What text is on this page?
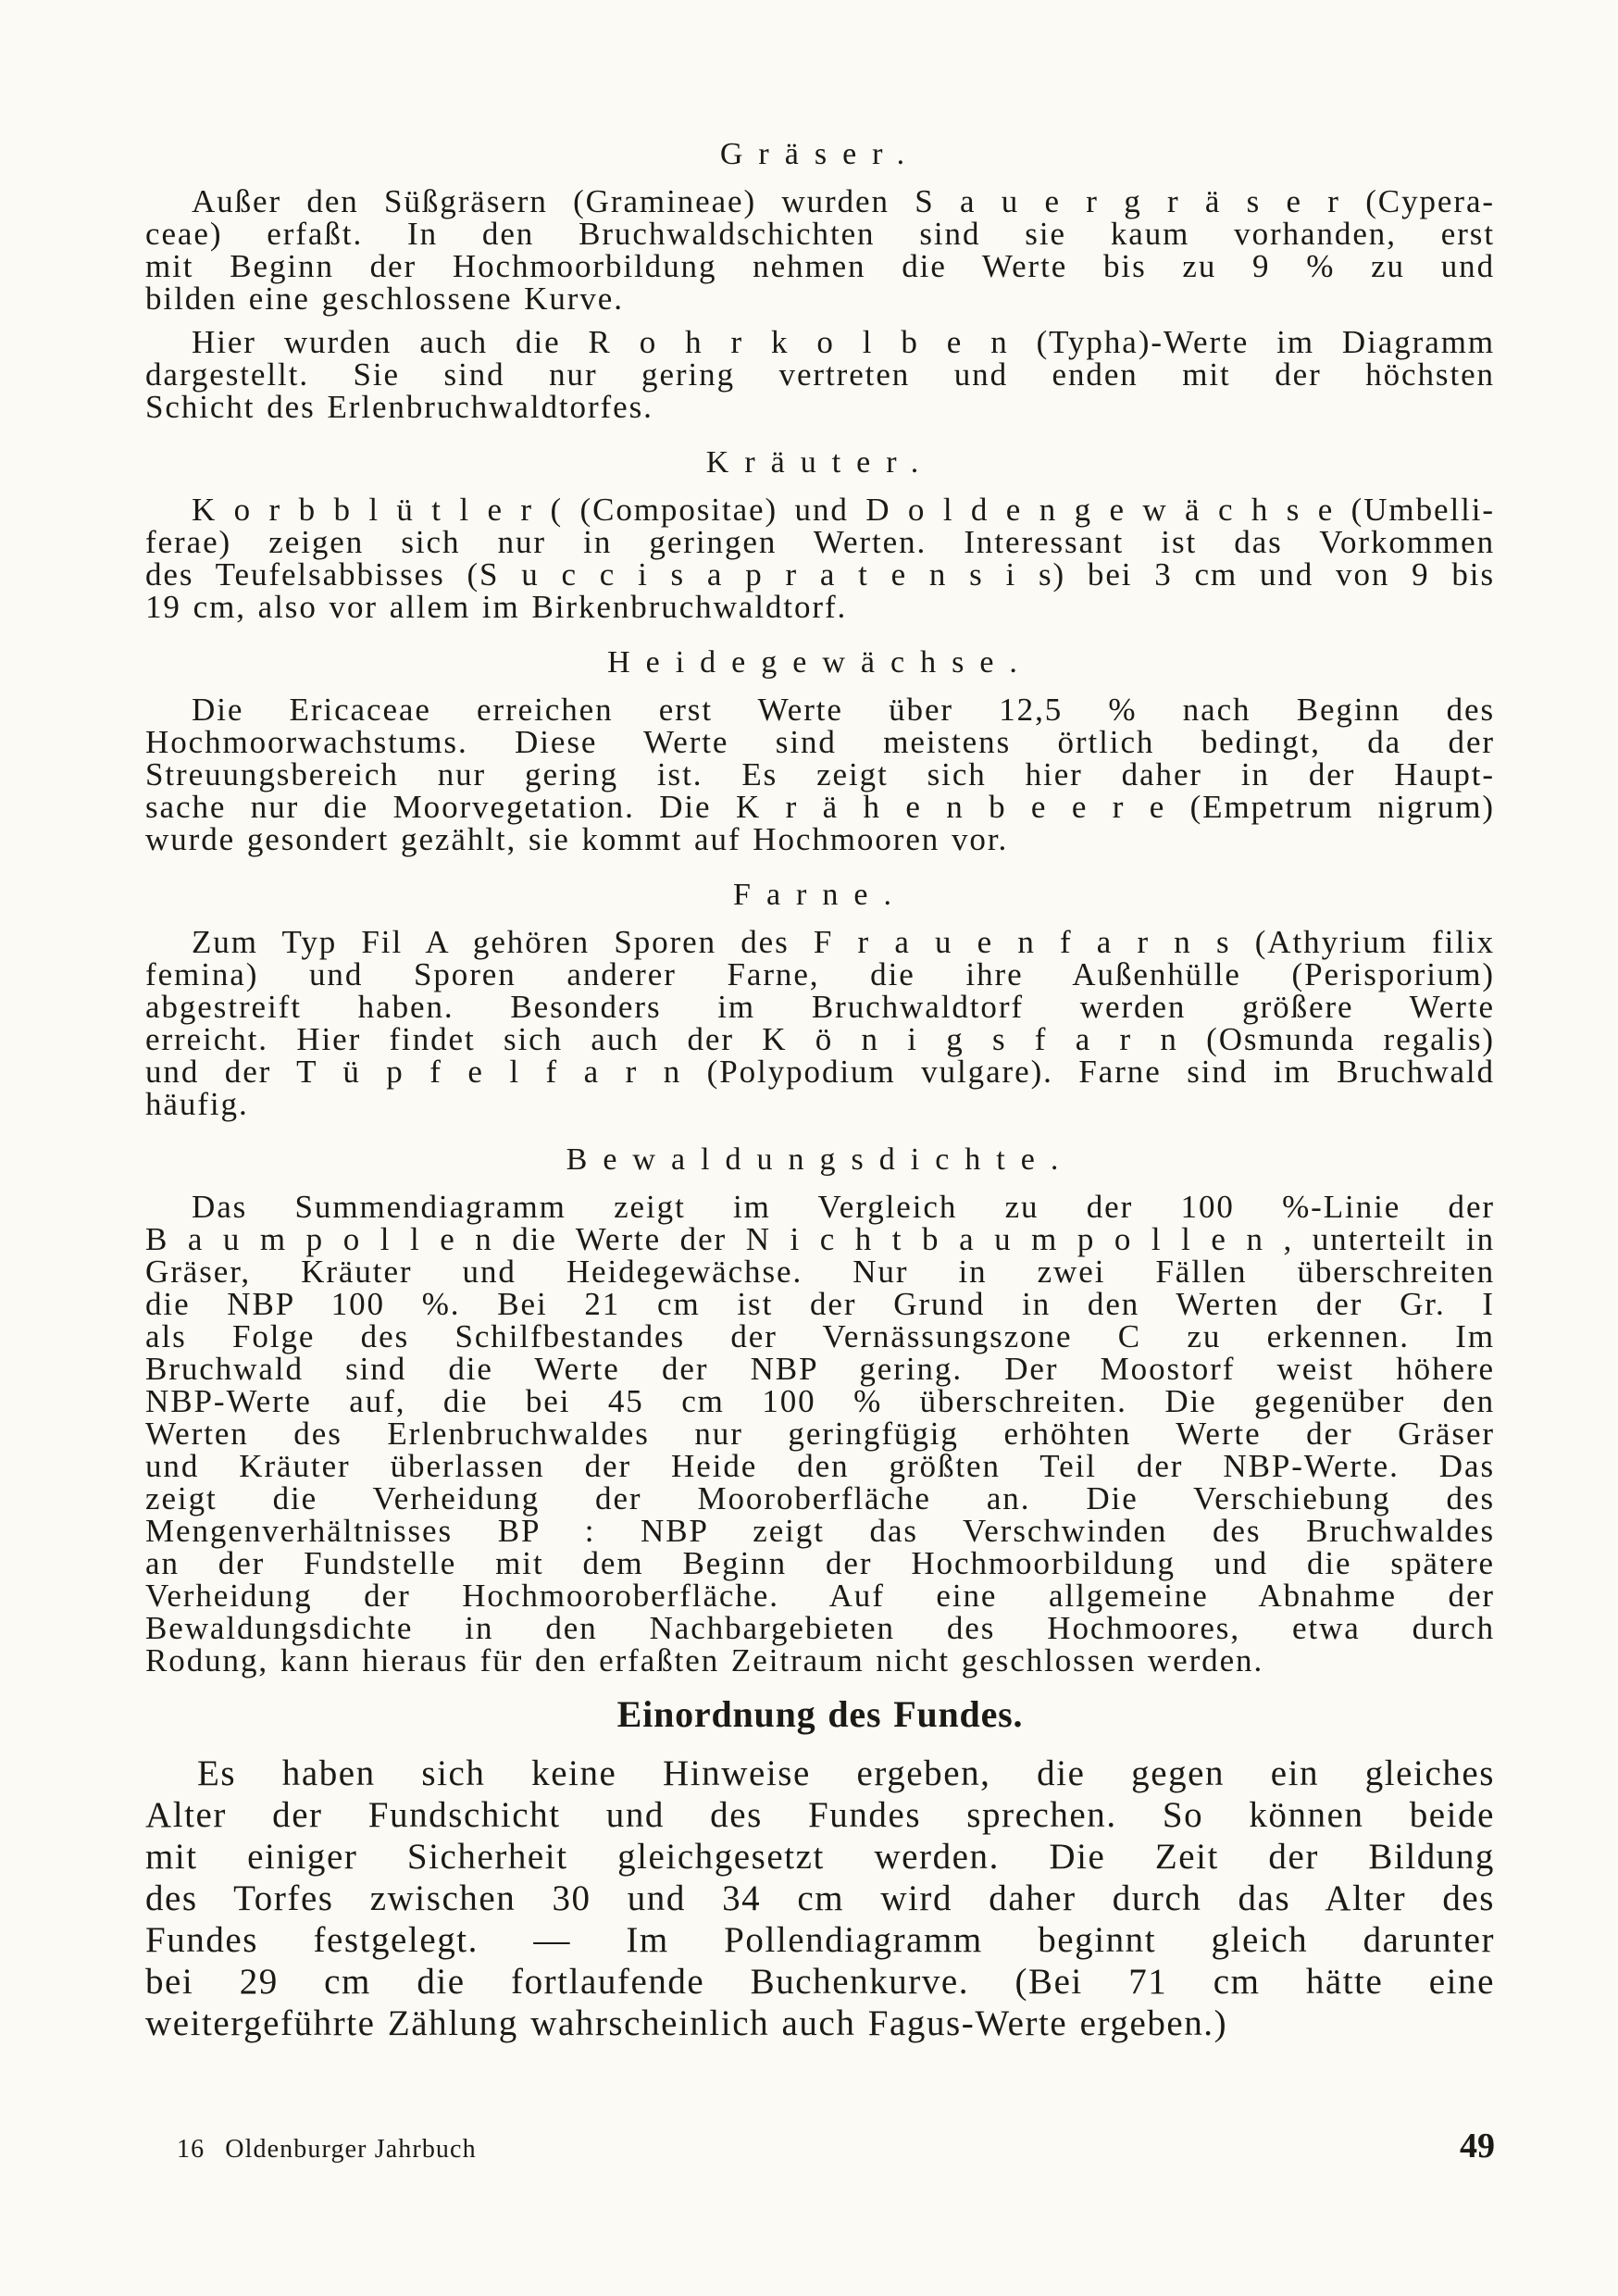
Gräser.
Außer den Süßgräsern (Gramineae) wurden S a u e r g r ä s e r (Cypera-
ceae) erfaßt. In den Bruchwaldschichten sind sie kaum vorhanden, erst
mit Beginn der Hochmoorbildung nehmen die Werte bis zu 9 % zu und
bilden eine geschlossene Kurve.
Hier wurden auch die R o h r k o l b e n (Typha)-Werte im Diagramm
dargestellt. Sie sind nur gering vertreten und enden mit der höchsten
Schicht des Erlenbruchwaldtorfes.
Kräuter.
K o r b b l ü t l e r ( (Compositae) und D o l d e n g e w ä c h s e (Umbelli-
ferae) zeigen sich nur in geringen Werten. Interessant ist das Vorkommen
des Teufelsabbisses (S u c c i s a p r a t e n s i s) bei 3 cm und von 9 bis
19 cm, also vor allem im Birkenbruchwaldtorf.
Heidegewächse.
Die Ericaceae erreichen erst Werte über 12,5 % nach Beginn des
Hochmoorwachstums. Diese Werte sind meistens örtlich bedingt, da der
Streuungsbereich nur gering ist. Es zeigt sich hier daher in der Haupt-
sache nur die Moorvegetation. Die K r ä h e n b e e r e (Empetrum nigrum)
wurde gesondert gezählt, sie kommt auf Hochmooren vor.
Farne.
Zum Typ Fil A gehören Sporen des F r a u e n f a r n s (Athyrium filix
femina) und Sporen anderer Farne, die ihre Außenhülle (Perisporium)
abgestreift haben. Besonders im Bruchwaldtorf werden größere Werte
erreicht. Hier findet sich auch der K ö n i g s f a r n (Osmunda regalis)
und der T ü p f e l f a r n (Polypodium vulgare). Farne sind im Bruchwald
häufig.
Bewaldungsdichte.
Das Summendiagramm zeigt im Vergleich zu der 100 %-Linie der
B a u m p o l l e n die Werte der N i c h t b a u m p o l l e n , unterteilt in
Gräser, Kräuter und Heidegewächse. Nur in zwei Fällen überschreiten
die NBP 100 %. Bei 21 cm ist der Grund in den Werten der Gr. I
als Folge des Schilfbestandes der Vernässungszone C zu erkennen. Im
Bruchwald sind die Werte der NBP gering. Der Moostorf weist höhere
NBP-Werte auf, die bei 45 cm 100 % überschreiten. Die gegenüber den
Werten des Erlenbruchwaldes nur geringfügig erhöhten Werte der Gräser
und Kräuter überlassen der Heide den größten Teil der NBP-Werte. Das
zeigt die Verheidung der Mooroberfläche an. Die Verschiebung des
Mengenverhältnisses BP : NBP zeigt das Verschwinden des Bruchwaldes
an der Fundstelle mit dem Beginn der Hochmoorbildung und die spätere
Verheidung der Hochmooroberfläche. Auf eine allgemeine Abnahme der
Bewaldungsdichte in den Nachbargebieten des Hochmoores, etwa durch
Rodung, kann hieraus für den erfaßten Zeitraum nicht geschlossen werden.
Einordnung des Fundes.
Es haben sich keine Hinweise ergeben, die gegen ein gleiches
Alter der Fundschicht und des Fundes sprechen. So können beide
mit einiger Sicherheit gleichgesetzt werden. Die Zeit der Bildung
des Torfes zwischen 30 und 34 cm wird daher durch das Alter des
Fundes festgelegt. — Im Pollendiagramm beginnt gleich darunter
bei 29 cm die fortlaufende Buchenkurve. (Bei 71 cm hätte eine
weitergeführte Zählung wahrscheinlich auch Fagus-Werte ergeben.)
16 Oldenburger Jahrbuch	49
